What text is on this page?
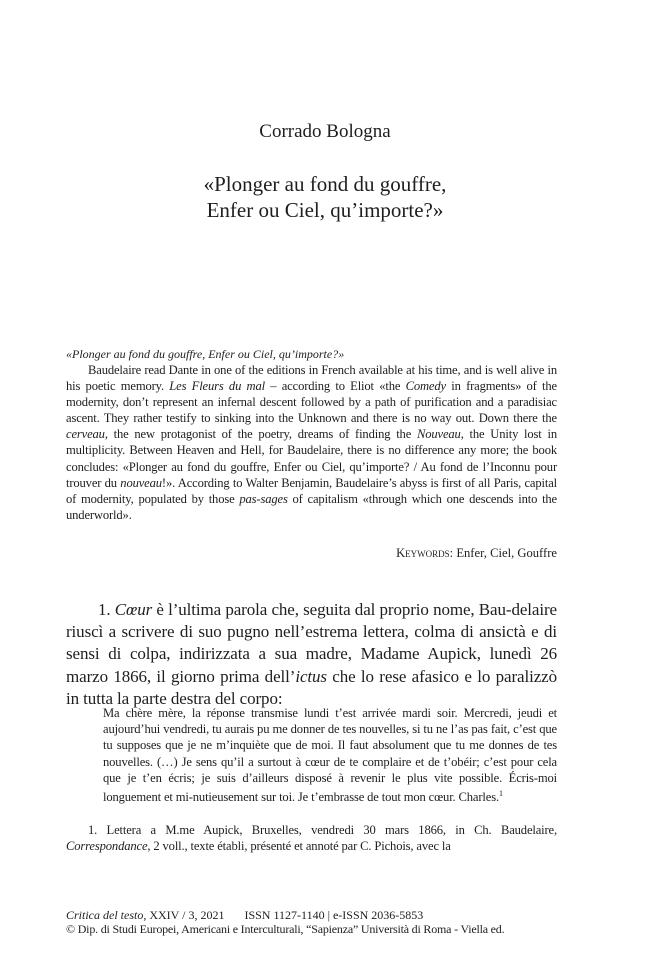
Corrado Bologna
«Plonger au fond du gouffre,
Enfer ou Ciel, qu’importe?»
«Plonger au fond du gouffre, Enfer ou Ciel, qu’importe?»

Baudelaire read Dante in one of the editions in French available at his time, and is well alive in his poetic memory. Les Fleurs du mal – according to Eliot «the Comedy in fragments» of the modernity, don’t represent an infernal descent followed by a path of purification and a paradisiac ascent. They rather testify to sinking into the Unknown and there is no way out. Down there the cerveau, the new protagonist of the poetry, dreams of finding the Nouveau, the Unity lost in multiplicity. Between Heaven and Hell, for Baudelaire, there is no difference any more; the book concludes: «Plonger au fond du gouffre, Enfer ou Ciel, qu’importe? / Au fond de l’Inconnu pour trouver du nouveau!». According to Walter Benjamin, Baudelaire’s abyss is first of all Paris, capital of modernity, populated by those pas-sages of capitalism «through which one descends into the underworld».

Keywords: Enfer, Ciel, Gouffre

1. Cœur è l’ultima parola che, seguita dal proprio nome, Bau-delaire riuscì a scrivere di suo pugno nell’estrema lettera, colma di ansictà e di sensi di colpa, indirizzata a sua madre, Madame Aupick, lunedì 26 marzo 1866, il giorno prima dell’ictus che lo rese afasico e lo paralizzò in tutta la parte destra del corpo:

Ma chère mère, la réponse transmise lundi t’est arrivée mardi soir. Mercredi, jeudi et aujourd’hui vendredi, tu aurais pu me donner de tes nouvelles, si tu ne l’as pas fait, c’est que tu supposes que je ne m’inquiète que de moi. Il faut absolument que tu me donnes de tes nouvelles. (…) Je sens qu’il a surtout à cœur de te complaire et de t’obéir; c’est pour cela que je t’en écris; je suis d’ailleurs disposé à revenir le plus vite possible. Écris-moi longuement et mi-nutieusement sur toi. Je t’embrasse de tout mon cœur. Charles.$^1$

1. Lettera a M.me Aupick, Bruxelles, vendredi 30 mars 1866, in Ch. Baudelaire, Correspondance, 2 voll., texte établi, présenté et annoté par C. Pichois, avec la

Critica del testo, XXIV / 3, 2021 ISSN 1127-1140 | e-ISSN 2036-5853
© Dip. di Studi Europei, Americani e Interculturali, “Sapienza” Università di Roma - Viella ed.
